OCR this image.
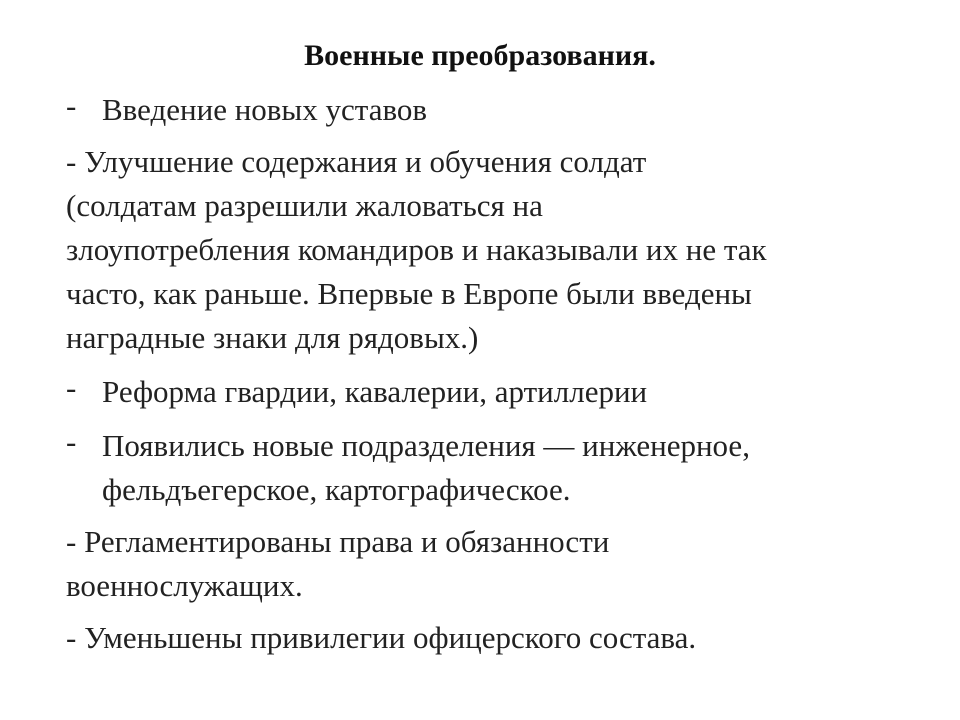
Военные преобразования.
- Введение новых уставов
- Улучшение содержания и обучения солдат
(солдатам разрешили жаловаться на
злоупотребления командиров и наказывали их не так
часто, как раньше. Впервые в Европе были введены
наградные знаки для рядовых.)
- Реформа гвардии, кавалерии, артиллерии
- Появились новые подразделения — инженерное,
фельдъегерское, картографическое.
- Регламентированы права и обязанности
военнослужащих.
- Уменьшены привилегии офицерского состава.
